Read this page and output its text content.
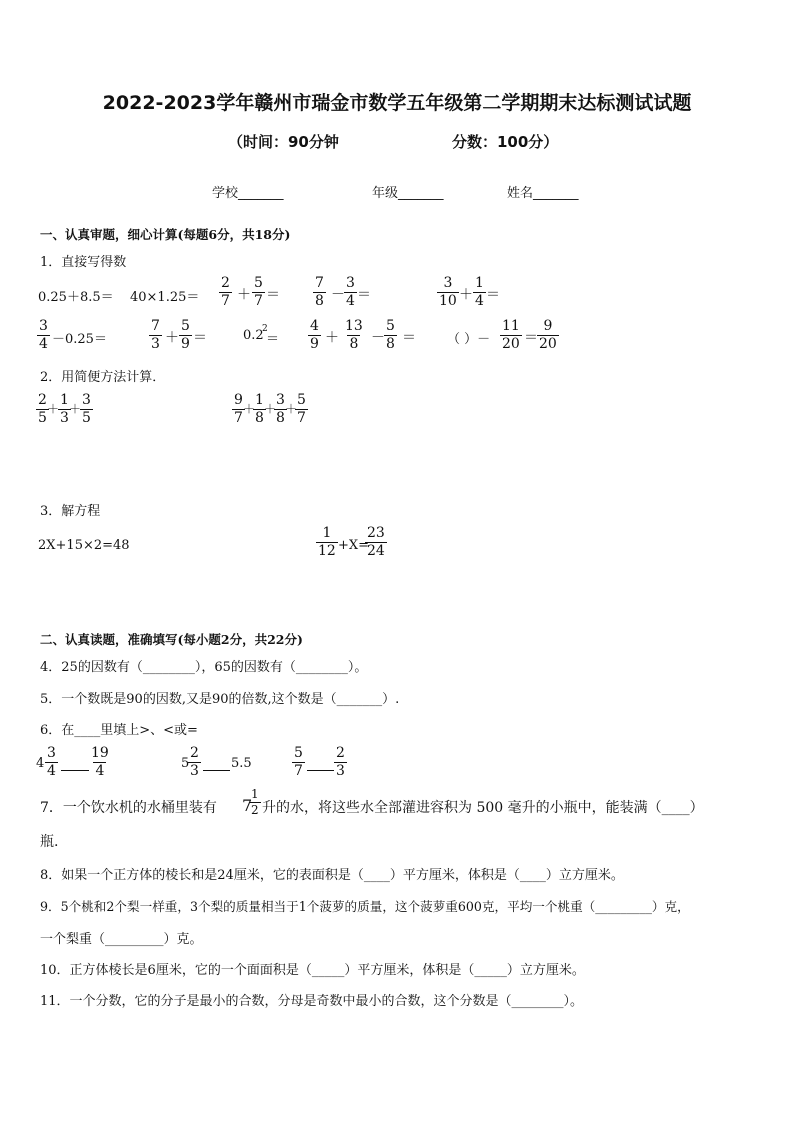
2022-2023学年赣州市瑞金市数学五年级第二学期期末达标测试试题
（时间：90分钟	分数：100分）
学校_______	年级_______	姓名_______
一、认真审题，细心计算(每题6分，共18分)
1．直接写得数
$0.25+8.5= 40\times 1.25= \frac{2}{7} + \frac{5}{7} = \frac{7}{8} - \frac{3}{4}$ ＝	$\frac{3}{10} + \frac{1}{4}$ ＝
$\frac{3}{4} -0.25=$	$\frac{7}{3} + \frac{5}{9}$ ＝	0.2
2
＝ $\frac{4}{9} + \frac{13}{8} - \frac{5}{8}$ ＝ （ ）－ $\frac{11}{20} = \frac{9}{20}$
2．用简便方法计算．
$\frac{2}{5}$
＋
$\frac{1}{3}$
＋
$\frac{3}{5}$	$\frac{9}{7}$
＋
$\frac{1}{8}$
＋
$\frac{3}{8}$
＋
$\frac{5}{7}$
3．解方程
2X+15×2=48	$\frac{1}{12} +X=$
$\frac{23}{24}$
二、认真读题，准确填写(每小题2分，共22分)
4．25的因数有（________），65的因数有（________）。
5．一个数既是90的因数,又是90的倍数,这个数是（_______）.
6．在____里填上>、<或=
$4 \frac{3}{4} \frac{19}{4}$	5
$\frac{2}{3} 5.5$	$\frac{5}{7} \frac{2}{3}$
7．一个饮水机的水桶里装有 7
$\frac{1}{2}$ 升的水，将这些水全部灌进容积为 500 毫升的小瓶中，能装满（____）
瓶.
8．如果一个正方体的棱长和是24厘米，它的表面积是（____）平方厘米，体积是（____）立方厘米。
9．5个桃和2个梨一样重，3个梨的质量相当于1个菠萝的质量，这个菠萝重600克，平均一个桃重（_________）克，
一个梨重（_________）克。
10．正方体棱长是6厘米，它的一个面面积是（_____）平方厘米，体积是（_____）立方厘米。
11．一个分数，它的分子是最小的合数，分母是奇数中最小的合数，这个分数是（________）。
